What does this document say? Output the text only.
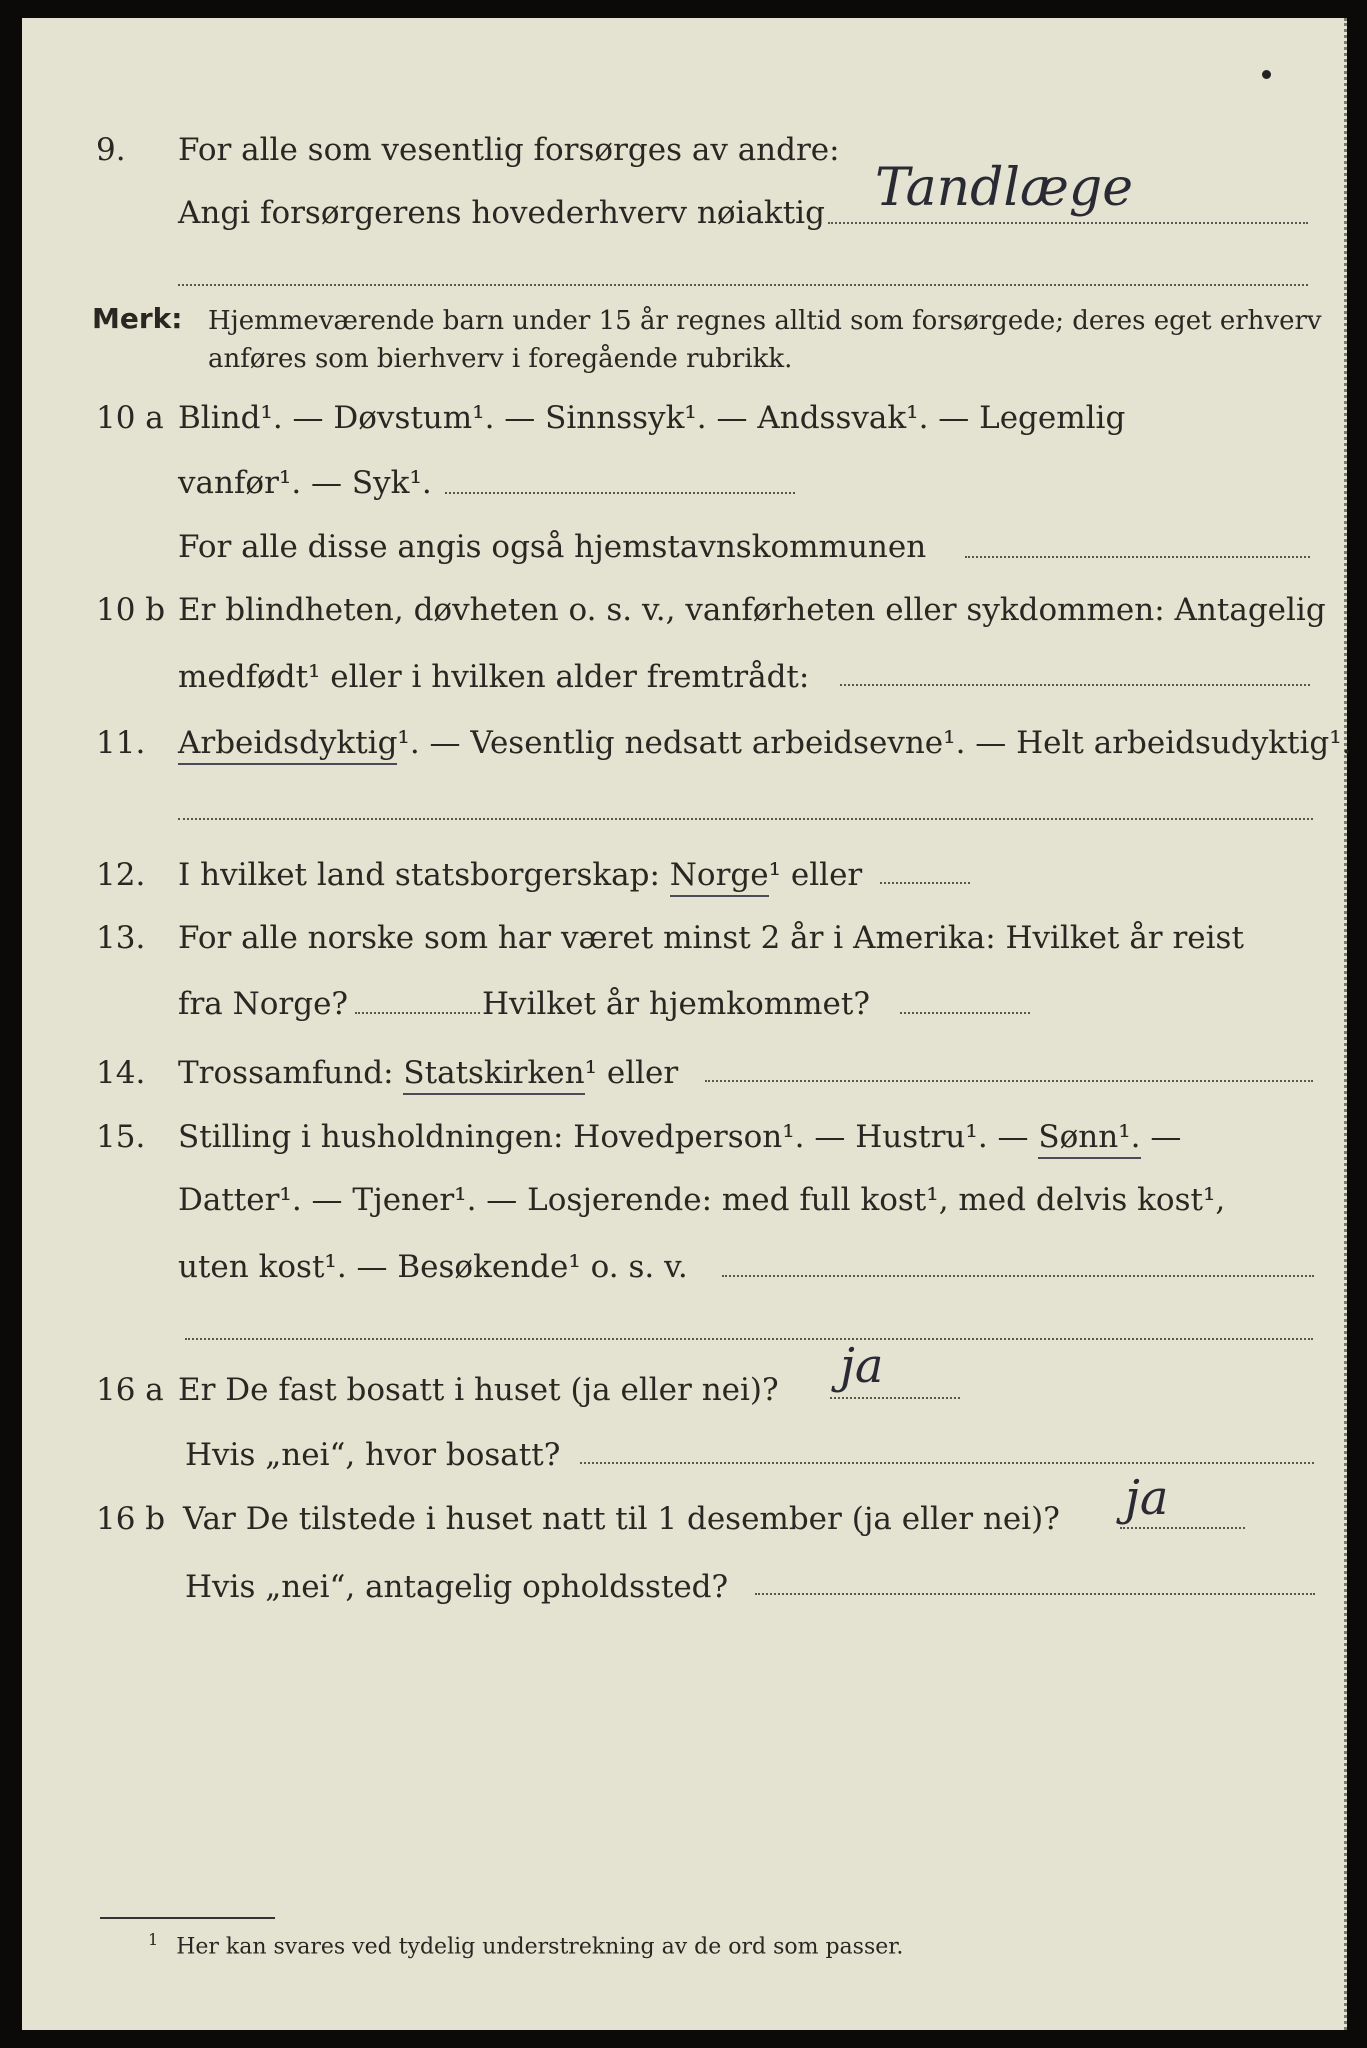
9. For alle som vesentlig forsørges av andre:
Angi forsørgerens hovederhverv nøiaktig Tandlæge
Merk: Hjemmeværende barn under 15 år regnes alltid som forsørgede; deres eget erhverv
anføres som bierhverv i foregående rubrikk.
10 a Blind¹. — Døvstum¹. — Sinnssyk¹. — Andssvak¹. — Legemlig
vanfør¹. — Syk¹.
For alle disse angis også hjemstavnskommunen
10 b Er blindheten, døvheten o. s. v., vanførheten eller sykdommen: Antagelig
medfødt¹ eller i hvilken alder fremtrådt:
11. Arbeidsdyktig¹. — Vesentlig nedsatt arbeidsevne¹. — Helt arbeidsudyktig¹.
12. I hvilket land statsborgerskap: Norge¹ eller
13. For alle norske som har været minst 2 år i Amerika: Hvilket år reist
fra Norge?	Hvilket år hjemkommet?
14. Trossamfund: Statskirken¹ eller
15. Stilling i husholdningen: Hovedperson¹. — Hustru¹. — Sønn¹. —
Datter¹. — Tjener¹. — Losjerende: med full kost¹, med delvis kost¹,
uten kost¹. — Besøkende¹ o. s. v.
16 a Er De fast bosatt i huset (ja eller nei)? ja
Hvis „nei“, hvor bosatt?
16 b Var De tilstede i huset natt til 1 desember (ja eller nei)? ja
Hvis „nei“, antagelig opholdssted?
$^1$ Her kan svares ved tydelig understrekning av de ord som passer.
